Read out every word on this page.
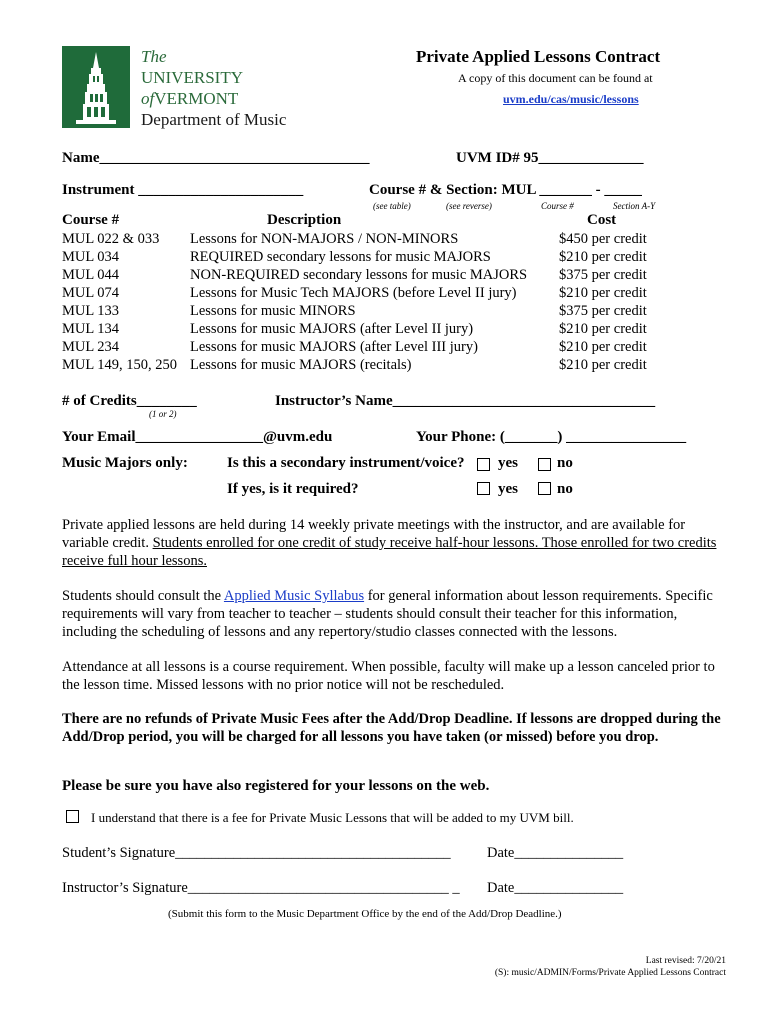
The
UNIVERSITY
ofVERMONT
Department of Music
Private Applied Lessons Contract
A copy of this document can be found at
uvm.edu/cas/music/lessons
Name____________________________________	UVM ID# 95______________
Instrument ______________________	Course # & Section: MUL _______ - _____
(see table)	(see reverse)	Course #	Section A-Y
Course #	Description	Cost
MUL 022 & 033 Lessons for NON-MAJORS / NON-MINORS	$450 per credit
MUL 034	REQUIRED secondary lessons for music MAJORS	$210 per credit
MUL 044	NON-REQUIRED secondary lessons for music MAJORS $375 per credit
MUL 074	Lessons for Music Tech MAJORS (before Level II jury)	$210 per credit
MUL 133	Lessons for music MINORS	$375 per credit
MUL 134	Lessons for music MAJORS (after Level II jury)	$210 per credit
MUL 234	Lessons for music MAJORS (after Level III jury)	$210 per credit
MUL 149, 150, 250 Lessons for music MAJORS (recitals)	$210 per credit
# of Credits________
(1 or 2)
Instructor’s Name___________________________________
Your Email_________________@uvm.edu	Your Phone: (_______) ________________
Music Majors only:	Is this a secondary instrument/voice? yes	no
If yes, is it required?	yes	no
Private applied lessons are held during 14 weekly private meetings with the instructor, and are available for variable credit. Students enrolled for one credit of study receive half-hour lessons. Those enrolled for two credits receive full hour lessons.
Students should consult the Applied Music Syllabus for general information about lesson requirements. Specific requirements will vary from teacher to teacher – students should consult their teacher for this information, including the scheduling of lessons and any repertory/studio classes connected with the lessons.
Attendance at all lessons is a course requirement. When possible, faculty will make up a lesson canceled prior to the lesson time. Missed lessons with no prior notice will not be rescheduled.
There are no refunds of Private Music Fees after the Add/Drop Deadline. If lessons are dropped during the Add/Drop period, you will be charged for all lessons you have taken (or missed) before you drop.
Please be sure you have also registered for your lessons on the web.
I understand that there is a fee for Private Music Lessons that will be added to my UVM bill.
Student’s Signature______________________________________	Date_______________
Instructor’s Signature____________________________________ _ Date_______________
(Submit this form to the Music Department Office by the end of the Add/Drop Deadline.)
Last revised: 7/20/21
(S): music/ADMIN/Forms/Private Applied Lessons Contract
